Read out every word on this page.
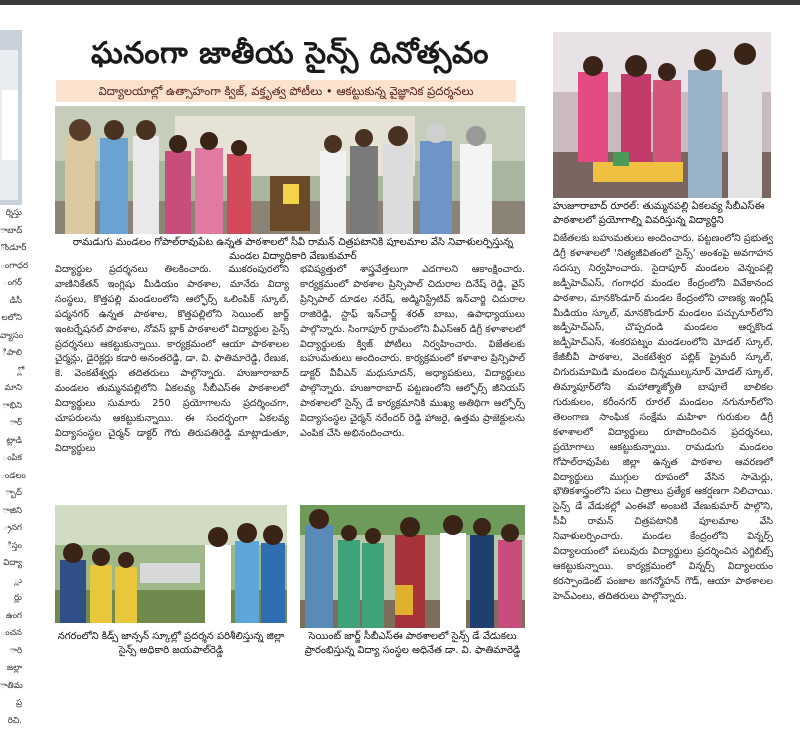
ర్శిస్తు
ాబాద్
ొండూర్
ంగాధర
ంగర్
డిసీ
లలోని
వ్యాసం
ిపాలి
్లో
మాని
ాభిని
ార్
ట్లాడి
ంపిక
ండలం
్బాద్
ాజిని
్రనగ
ిస్తం
విద్యా
్లు
ర్లు
ఉంగ
ంచన
ారి
జల్లా
ాతిమ
ప్ర
రిచి.
ఘనంగా జాతీయ సైన్స్ దినోత్సవం
విద్యాలయాల్లో ఉత్సాహంగా క్విజ్, వక్తృత్వ పోటీలు • ఆకట్టుకున్న వైజ్ఞానిక ప్రదర్శనలు
రామడుగు మండలం గోపాల్‌రావుపేట ఉన్నత పాఠశాలలో సీవీ రామన్ చిత్రపటానికి పూలమాల వేసి నివాళులర్పిస్తున్న మండల విద్యాధికారి వేణుకుమార్
హుజూరాబాద్ రూరల్: తుమ్మనపల్లి ఏకలవ్య సీబీఎస్ఈ పాఠశాలలో ప్రయోగాల్ని వివరిస్తున్న విద్యార్థిని

విద్యార్థుల ప్రదర్శనలు తిలకించారు. ముకరంపురలోని వాణినికేతన్ ఇంగ్లిషు మీడియం పాఠశాల, మానేరు విద్యా సంస్థలు, కొత్తపల్లి మండలంలోని ఆల్ఫోర్స్ ఒలింపిక్ స్కూల్, పద్మనగర్ ఉన్నత పాఠశాల, కొత్తపల్లిలోని సెయింట్ జార్జ్ ఇంటర్నేషనల్ పాఠశాల, నోవస్ బ్లాక్ పాఠశాలలో విద్యార్థుల సైన్స్ ప్రదర్శనలు ఆకట్టుకున్నాయి. కార్యక్రమంలో ఆయా పాఠశాలల చైర్మన్లు, డైరెక్టర్లు కడారి అనంతరెడ్డి, డా. వి. ఫాతిమారెడ్డి, రేణుక, కె. వెంకటేశ్వర్లు తదితరులు పాల్గొన్నారు. హుజూరాబాద్ మండలం తుమ్మనపల్లిలోని ఏకలవ్య సీబీఎస్ఈ పాఠశాలలో విద్యార్థులు సుమారు 250 ప్రయోగాలను ప్రదర్శించగా, చూపరులను ఆకట్టుకున్నాయి. ఈ సందర్భంగా ఏకలవ్య విద్యాసంస్థల చైర్మన్ డాక్టర్ గౌరు తిరుపతిరెడ్డి మాట్లాడుతూ, విద్యార్థులు

భవిష్యత్తులో శాస్త్రవేత్తలుగా ఎదగాలని ఆకాంక్షించారు. కార్యక్రమంలో పాఠశాల ప్రిన్సిపాల్ చిదురాల దినేష్ రెడ్డి, వైస్ ప్రిన్సిపాల్ దూడల నరేష్, అడ్మినిస్ట్రేటివ్ ఇన్‌చార్జి చిదురాల రాజిరెడ్డి, స్టాఫ్ ఇన్‌చార్జ్ శరత్ బాబు, ఉపాధ్యాయులు పాల్గొన్నారు. సింగాపూర్ గ్రామంలోని వీఎస్ఆర్ డిగ్రీ కళాశాలలో విద్యార్థులకు క్విజ్ పోటీలు నిర్వహించారు. విజేతలకు బహుమతులు అందించారు. కార్యక్రమంలో కళాశాల ప్రిన్సిపాల్ డాక్టర్ వీవీఎన్ మధుసూదన్, అధ్యాపకులు, విద్యార్థులు పాల్గొన్నారు. హుజూరాబాద్ పట్టణంలోని ఆల్ఫోర్స్ జీనియస్ పాఠశాలలో సైన్స్ డే కార్యక్రమానికి ముఖ్య అతిథిగా ఆల్ఫోర్స్ విద్యాసంస్థల చైర్మన్ నరేందర్ రెడ్డి హాజరై, ఉత్తమ ప్రాజెక్టులను ఎంపిక చేసి అభినందించారు.

విజేతలకు బహుమతులు అందించారు. పట్టణంలోని ప్రభుత్వ డిగ్రీ కళాశాలలో 'నిత్యజీవితంలో సైన్స్' అంశంపై అవగాహన సదస్సు నిర్వహించారు. సైదాపూర్ మండలం వెన్నంపల్లి జడ్పీహెచ్ఎస్, గంగాధర మండల కేంద్రంలోని వివేకానంద పాఠశాల, మానకొండూర్ మండల కేంద్రంలోని చాణక్య ఇంగ్లిష్ మీడియం స్కూల్, మానకొండూర్ మండలం పచ్చునూర్‌లోని జడ్పీహెచ్ఎస్, చొప్పదండి మండలం ఆర్నకొండ జడ్పీహెచ్ఎస్, శంకరపట్నం మండలంలోని మోడల్ స్కూల్, కేజీబీవీ పాఠశాల, వెంకటేశ్వర పబ్లిక్ ప్రైమరీ స్కూల్, చిగురుమామిడి మండలం చిన్నముల్కనూర్ మోడల్ స్కూల్, తిమ్మాపూర్‌లోని మహాత్మాజ్యోతి బాపూలే బాలికల గురుకులం, కరీంనగర్ రూరల్ మండలం నగునూర్‌లోని తెలంగాణ సాంఘిక సంక్షేమ మహిళా గురుకుల డిగ్రీ కళాశాలలో విద్యార్థులు రూపొందించిన ప్రదర్శనలు, ప్రయోగాలు ఆకట్టుకున్నాయి. రామడుగు మండలం గోపాల్‌రావుపేట జిల్లా ఉన్నత పాఠశాల ఆవరణలో విద్యార్థులు ముగ్గుల రూపంలో వేసిన సామెర్లు, భౌతికశాస్త్రంలోని పలు చిత్రాలు ప్రత్యేక ఆకర్షణగా నిలిచాయి. సైన్స్ డే వేడుకల్లో ఎంఈవో అంబటి వేణుకుమార్ పాల్గొని, సీవీ రామన్ చిత్రపటానికి పూలమాల వేసి నివాళులర్పించారు. మండల కేంద్రంలోని విన్నర్స్ విద్యాలయంలో పలువురు విద్యార్థులు ప్రదర్శించిన ఎగ్జిబిట్స్ ఆకట్టుకున్నాయి. కార్యక్రమంలో విన్నర్స్ విద్యాలయం కరస్పాండెంట్ పంజాల జగన్మోహన్ గౌడ్, ఆయా పాఠశాలల హెచ్‌ఎంలు, తదితరులు పాల్గొన్నారు.

నగరంలోని కిడ్స్ జాన్సన్ స్కూల్లో ప్రదర్శన పరిశీలిస్తున్న జిల్లా సైన్స్ అధికారి జయపాల్‌రెడ్డి
సెయింట్ జార్జ్ సీబీఎస్ఈ పాఠశాలలో సైన్స్ డే వేడుకలు ప్రారంభిస్తున్న విద్యా సంస్థల అధినేత డా. వి. ఫాతిమారెడ్డి
